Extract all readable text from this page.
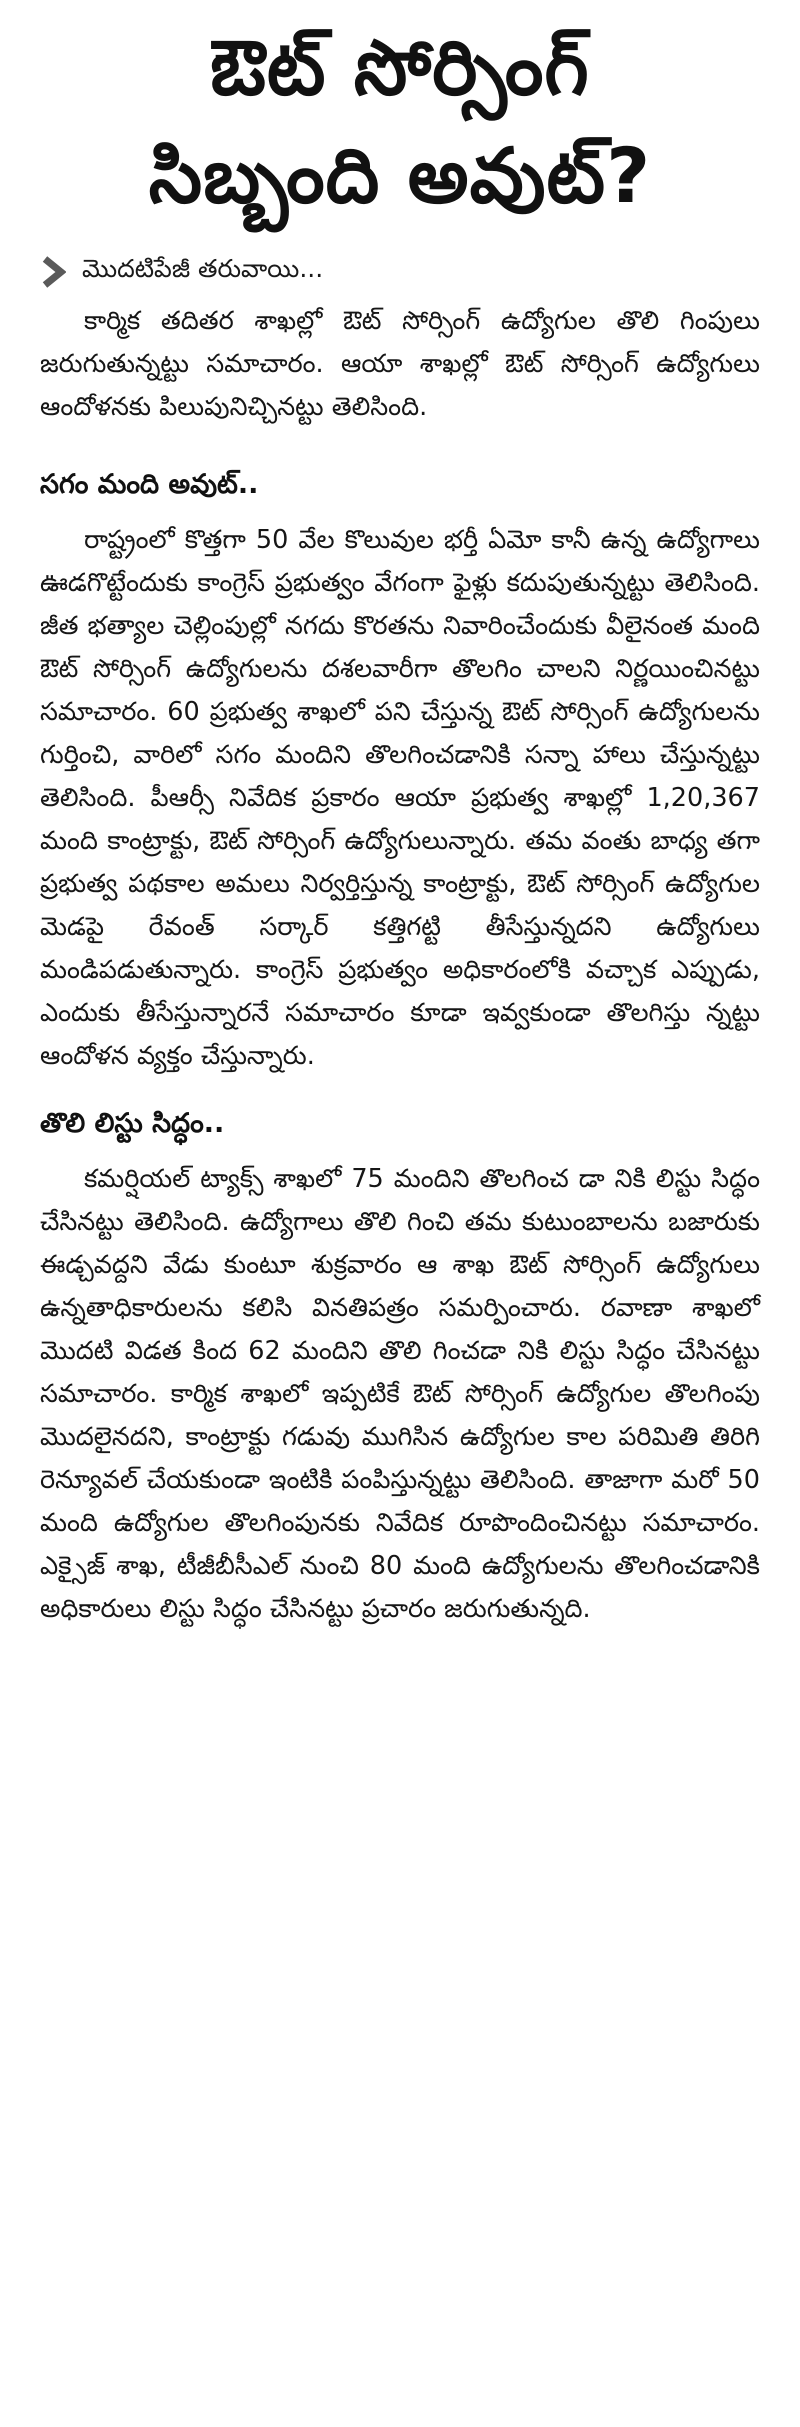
ఔట్ సోర్సింగ్
సిబ్బంది అవుట్?
మొదటిపేజీ తరువాయి...

కార్మిక తదితర శాఖల్లో ఔట్ సోర్సింగ్ ఉద్యోగుల తొలి గింపులు జరుగుతున్నట్టు సమాచారం. ఆయా శాఖల్లో ఔట్ సోర్సింగ్ ఉద్యోగులు ఆందోళనకు పిలుపునిచ్చినట్టు తెలిసింది.

సగం మంది అవుట్..

రాష్ట్రంలో కొత్తగా 50 వేల కొలువుల భర్తీ ఏమో కానీ ఉన్న ఉద్యోగాలు ఊడగొట్టేందుకు కాంగ్రెస్ ప్రభుత్వం వేగంగా ఫైళ్లు కదుపుతున్నట్టు తెలిసింది. జీత భత్యాల చెల్లింపుల్లో నగదు కొరతను నివారించేందుకు వీలైనంత మంది ఔట్ సోర్సింగ్ ఉద్యోగులను దశలవారీగా తొలగిం చాలని నిర్ణయించినట్టు సమాచారం. 60 ప్రభుత్వ శాఖలో పని చేస్తున్న ఔట్ సోర్సింగ్ ఉద్యోగులను గుర్తించి, వారిలో సగం మందిని తొలగించడానికి సన్నా హాలు చేస్తున్నట్టు తెలిసింది. పీఆర్సీ నివేదిక ప్రకారం ఆయా ప్రభుత్వ శాఖల్లో 1,20,367 మంది కాంట్రాక్టు, ఔట్ సోర్సింగ్ ఉద్యోగులున్నారు. తమ వంతు బాధ్య తగా ప్రభుత్వ పథకాల అమలు నిర్వర్తిస్తున్న కాంట్రాక్టు, ఔట్ సోర్సింగ్ ఉద్యోగుల మెడపై రేవంత్ సర్కార్ కత్తిగట్టి తీసేస్తున్నదని ఉద్యోగులు మండిపడుతున్నారు. కాంగ్రెస్ ప్రభుత్వం అధికారంలోకి వచ్చాక ఎప్పుడు, ఎందుకు తీసేస్తున్నారనే సమాచారం కూడా ఇవ్వకుండా తొలగిస్తు న్నట్టు ఆందోళన వ్యక్తం చేస్తున్నారు.

తొలి లిస్టు సిద్ధం..

కమర్షియల్ ట్యాక్స్ శాఖలో 75 మందిని తొలగించ డా నికి లిస్టు సిద్ధం చేసినట్టు తెలిసింది. ఉద్యోగాలు తొలి గించి తమ కుటుంబాలను బజారుకు ఈడ్చవద్దని వేడు కుంటూ శుక్రవారం ఆ శాఖ ఔట్ సోర్సింగ్ ఉద్యోగులు ఉన్నతాధికారులను కలిసి వినతిపత్రం సమర్పించారు. రవాణా శాఖలో మొదటి విడత కింద 62 మందిని తొలి గించడా నికి లిస్టు సిద్ధం చేసినట్టు సమాచారం. కార్మిక శాఖలో ఇప్పటికే ఔట్ సోర్సింగ్ ఉద్యోగుల తొలగింపు మొదలైనదని, కాంట్రాక్టు గడువు ముగిసిన ఉద్యోగుల కాల పరిమితి తిరిగి రెన్యూవల్ చేయకుండా ఇంటికి పంపిస్తున్నట్టు తెలిసింది. తాజాగా మరో 50 మంది ఉద్యోగుల తొలగింపునకు నివేదిక రూపొందించినట్టు సమాచారం. ఎక్సైజ్ శాఖ, టీజీబీసీఎల్ నుంచి 80 మంది ఉద్యోగులను తొలగించడానికి అధికారులు లిస్టు సిద్ధం చేసినట్టు ప్రచారం జరుగుతున్నది.
